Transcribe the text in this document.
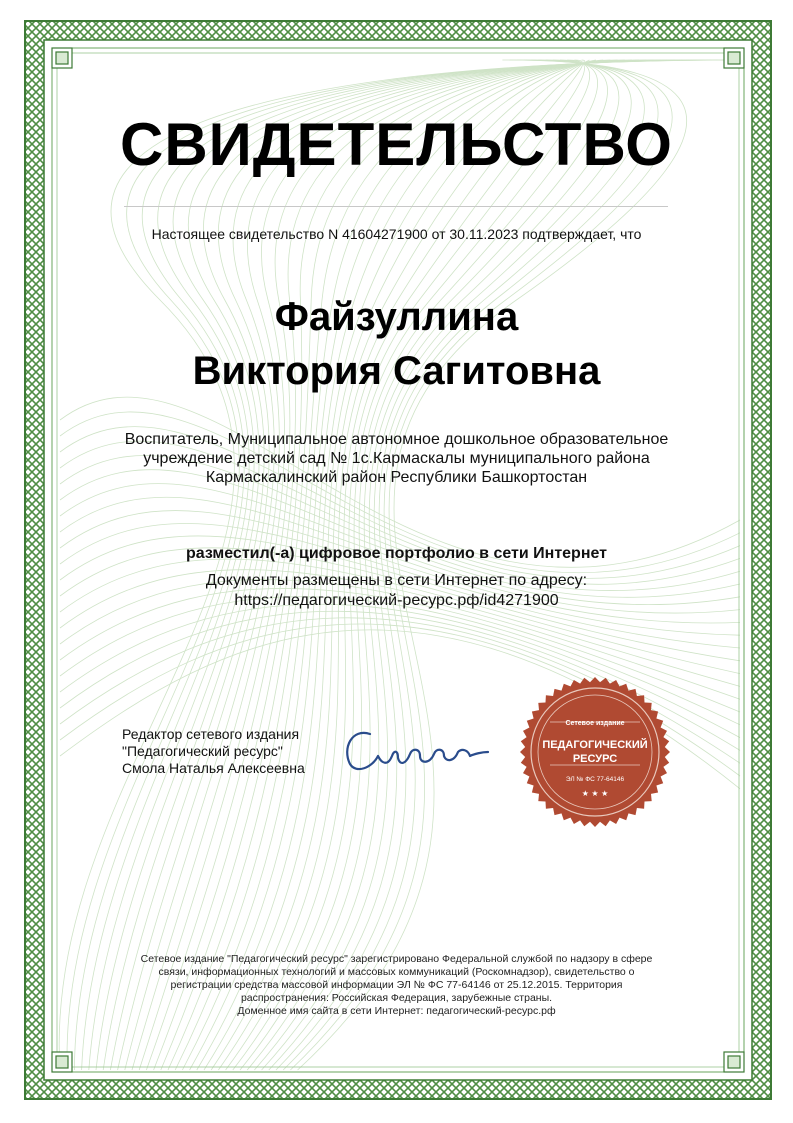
Сетевое издание
ПЕДАГОГИЧЕСКИЙ
РЕСУРС
ЭЛ № ФС 77-64146
★ ★ ★
СВИДЕТЕЛЬСТВО
Настоящее свидетельство N 41604271900 от 30.11.2023 подтверждает, что
Файзуллина
Виктория Сагитовна
Воспитатель, Муниципальное автономное дошкольное образовательное
учреждение детский сад № 1с.Кармаскалы муниципального района
Кармаскалинский район Республики Башкортостан
разместил(-а) цифровое портфолио в сети Интернет
Документы размещены в сети Интернет по адресу:
https://педагогический-ресурс.рф/id4271900
Редактор сетевого издания
"Педагогический ресурс"
Смола Наталья Алексеевна
Сетевое издание "Педагогический ресурс" зарегистрировано Федеральной службой по надзору в сфере
связи, информационных технологий и массовых коммуникаций (Роскомнадзор), свидетельство о
регистрации средства массовой информации ЭЛ № ФС 77-64146 от 25.12.2015. Территория
распространения: Российская Федерация, зарубежные страны.
Доменное имя сайта в сети Интернет: педагогический-ресурс.рф
